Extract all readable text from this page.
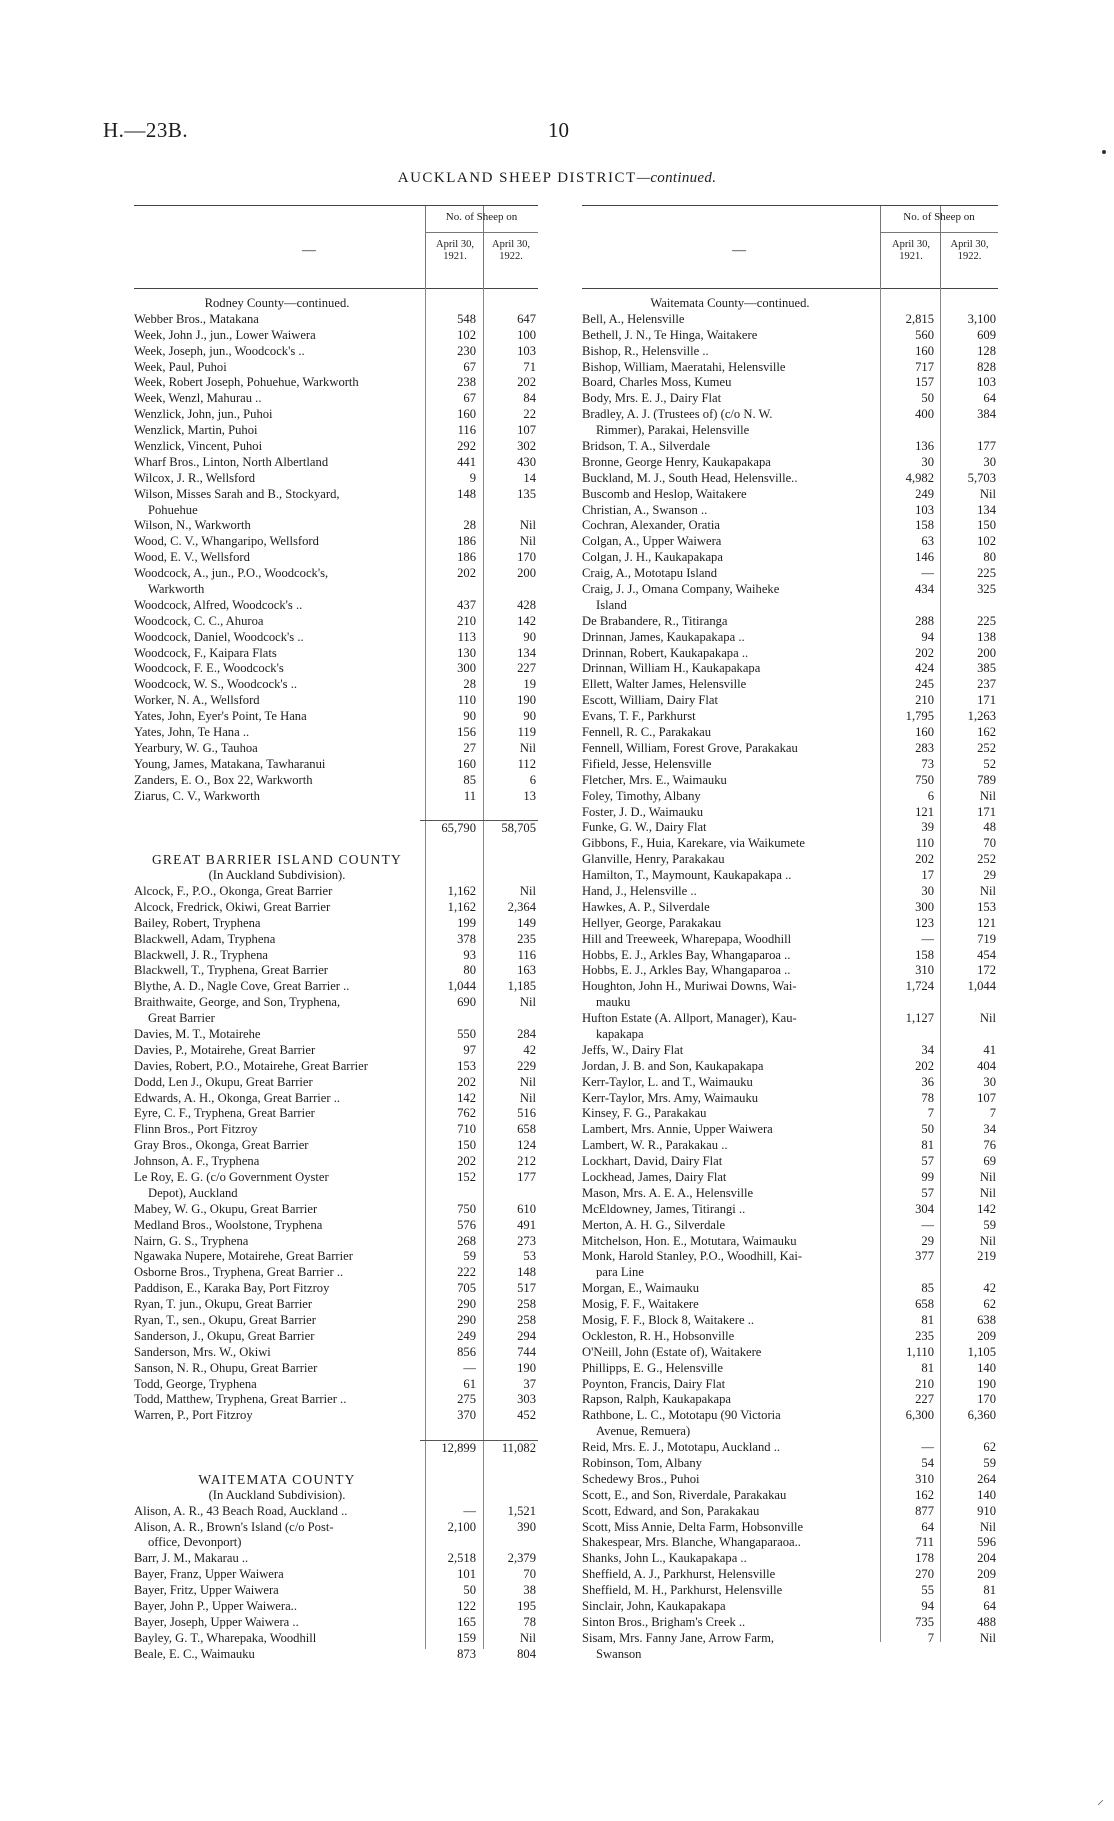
H.—23B.	10
AUCKLAND SHEEP DISTRICT—continued.
—
No. of Sheep on
April 30, 1921.
April 30, 1922.
Rodney County—continued.
Webber Bros., Matakana	548	647
Week, John J., jun., Lower Waiwera	102	100
Week, Joseph, jun., Woodcock's ..	230	103
Week, Paul, Puhoi	67	71
Week, Robert Joseph, Pohuehue, Warkworth	238	202
Week, Wenzl, Mahurau ..	67	84
Wenzlick, John, jun., Puhoi	160	22
Wenzlick, Martin, Puhoi	116	107
Wenzlick, Vincent, Puhoi	292	302
Wharf Bros., Linton, North Albertland	441	430
Wilcox, J. R., Wellsford	9	14
Wilson, Misses Sarah and B., Stockyard,	148	135
Pohuehue
Wilson, N., Warkworth	28	Nil
Wood, C. V., Whangaripo, Wellsford	186	Nil
Wood, E. V., Wellsford	186	170
Woodcock, A., jun., P.O., Woodcock's,	202	200
Warkworth
Woodcock, Alfred, Woodcock's ..	437	428
Woodcock, C. C., Ahuroa	210	142
Woodcock, Daniel, Woodcock's ..	113	90
Woodcock, F., Kaipara Flats	130	134
Woodcock, F. E., Woodcock's	300	227
Woodcock, W. S., Woodcock's ..	28	19
Worker, N. A., Wellsford	110	190
Yates, John, Eyer's Point, Te Hana	90	90
Yates, John, Te Hana ..	156	119
Yearbury, W. G., Tauhoa	27	Nil
Young, James, Matakana, Tawharanui	160	112
Zanders, E. O., Box 22, Warkworth	85	6
Ziarus, C. V., Warkworth	11	13
65,790	58,705
GREAT BARRIER ISLAND COUNTY
(In Auckland Subdivision).
Alcock, F., P.O., Okonga, Great Barrier	1,162	Nil
Alcock, Fredrick, Okiwi, Great Barrier	1,162	2,364
Bailey, Robert, Tryphena	199	149
Blackwell, Adam, Tryphena	378	235
Blackwell, J. R., Tryphena	93	116
Blackwell, T., Tryphena, Great Barrier	80	163
Blythe, A. D., Nagle Cove, Great Barrier ..	1,044	1,185
Braithwaite, George, and Son, Tryphena,	690	Nil
Great Barrier
Davies, M. T., Motairehe	550	284
Davies, P., Motairehe, Great Barrier	97	42
Davies, Robert, P.O., Motairehe, Great Barrier	153	229
Dodd, Len J., Okupu, Great Barrier	202	Nil
Edwards, A. H., Okonga, Great Barrier ..	142	Nil
Eyre, C. F., Tryphena, Great Barrier	762	516
Flinn Bros., Port Fitzroy	710	658
Gray Bros., Okonga, Great Barrier	150	124
Johnson, A. F., Tryphena	202	212
Le Roy, E. G. (c/o Government Oyster	152	177
Depot), Auckland
Mabey, W. G., Okupu, Great Barrier	750	610
Medland Bros., Woolstone, Tryphena	576	491
Nairn, G. S., Tryphena	268	273
Ngawaka Nupere, Motairehe, Great Barrier	59	53
Osborne Bros., Tryphena, Great Barrier ..	222	148
Paddison, E., Karaka Bay, Port Fitzroy	705	517
Ryan, T. jun., Okupu, Great Barrier	290	258
Ryan, T., sen., Okupu, Great Barrier	290	258
Sanderson, J., Okupu, Great Barrier	249	294
Sanderson, Mrs. W., Okiwi	856	744
Sanson, N. R., Ohupu, Great Barrier	—	190
Todd, George, Tryphena	61	37
Todd, Matthew, Tryphena, Great Barrier ..	275	303
Warren, P., Port Fitzroy	370	452
12,899	11,082
WAITEMATA COUNTY
(In Auckland Subdivision).
Alison, A. R., 43 Beach Road, Auckland ..	—	1,521
Alison, A. R., Brown's Island (c/o Post-	2,100	390
office, Devonport)
Barr, J. M., Makarau ..	2,518	2,379
Bayer, Franz, Upper Waiwera	101	70
Bayer, Fritz, Upper Waiwera	50	38
Bayer, John P., Upper Waiwera..	122	195
Bayer, Joseph, Upper Waiwera ..	165	78
Bayley, G. T., Wharepaka, Woodhill	159	Nil
Beale, E. C., Waimauku	873	804
—
No. of Sheep on
April 30, 1921.
April 30, 1922.
Waitemata County—continued.
Bell, A., Helensville	2,815	3,100
Bethell, J. N., Te Hinga, Waitakere	560	609
Bishop, R., Helensville ..	160	128
Bishop, William, Maeratahi, Helensville	717	828
Board, Charles Moss, Kumeu	157	103
Body, Mrs. E. J., Dairy Flat	50	64
Bradley, A. J. (Trustees of) (c/o N. W.	400	384
Rimmer), Parakai, Helensville
Bridson, T. A., Silverdale	136	177
Bronne, George Henry, Kaukapakapa	30	30
Buckland, M. J., South Head, Helensville..	4,982	5,703
Buscomb and Heslop, Waitakere	249	Nil
Christian, A., Swanson ..	103	134
Cochran, Alexander, Oratia	158	150
Colgan, A., Upper Waiwera	63	102
Colgan, J. H., Kaukapakapa	146	80
Craig, A., Mototapu Island	—	225
Craig, J. J., Omana Company, Waiheke	434	325
Island
De Brabandere, R., Titiranga	288	225
Drinnan, James, Kaukapakapa ..	94	138
Drinnan, Robert, Kaukapakapa ..	202	200
Drinnan, William H., Kaukapakapa	424	385
Ellett, Walter James, Helensville	245	237
Escott, William, Dairy Flat	210	171
Evans, T. F., Parkhurst	1,795	1,263
Fennell, R. C., Parakakau	160	162
Fennell, William, Forest Grove, Parakakau	283	252
Fifield, Jesse, Helensville	73	52
Fletcher, Mrs. E., Waimauku	750	789
Foley, Timothy, Albany	6	Nil
Foster, J. D., Waimauku	121	171
Funke, G. W., Dairy Flat	39	48
Gibbons, F., Huia, Karekare, via Waikumete	110	70
Glanville, Henry, Parakakau	202	252
Hamilton, T., Maymount, Kaukapakapa ..	17	29
Hand, J., Helensville ..	30	Nil
Hawkes, A. P., Silverdale	300	153
Hellyer, George, Parakakau	123	121
Hill and Treeweek, Wharepapa, Woodhill	—	719
Hobbs, E. J., Arkles Bay, Whangaparoa ..	158	454
Hobbs, E. J., Arkles Bay, Whangaparoa ..	310	172
Houghton, John H., Muriwai Downs, Wai-	1,724	1,044
mauku
Hufton Estate (A. Allport, Manager), Kau-	1,127	Nil
kapakapa
Jeffs, W., Dairy Flat	34	41
Jordan, J. B. and Son, Kaukapakapa	202	404
Kerr-Taylor, L. and T., Waimauku	36	30
Kerr-Taylor, Mrs. Amy, Waimauku	78	107
Kinsey, F. G., Parakakau	7	7
Lambert, Mrs. Annie, Upper Waiwera	50	34
Lambert, W. R., Parakakau ..	81	76
Lockhart, David, Dairy Flat	57	69
Lockhead, James, Dairy Flat	99	Nil
Mason, Mrs. A. E. A., Helensville	57	Nil
McEldowney, James, Titirangi ..	304	142
Merton, A. H. G., Silverdale	—	59
Mitchelson, Hon. E., Motutara, Waimauku	29	Nil
Monk, Harold Stanley, P.O., Woodhill, Kai-	377	219
para Line
Morgan, E., Waimauku	85	42
Mosig, F. F., Waitakere	658	62
Mosig, F. F., Block 8, Waitakere ..	81	638
Ockleston, R. H., Hobsonville	235	209
O'Neill, John (Estate of), Waitakere	1,110	1,105
Phillipps, E. G., Helensville	81	140
Poynton, Francis, Dairy Flat	210	190
Rapson, Ralph, Kaukapakapa	227	170
Rathbone, L. C., Mototapu (90 Victoria	6,300	6,360
Avenue, Remuera)
Reid, Mrs. E. J., Mototapu, Auckland ..	—	62
Robinson, Tom, Albany	54	59
Schedewy Bros., Puhoi	310	264
Scott, E., and Son, Riverdale, Parakakau	162	140
Scott, Edward, and Son, Parakakau	877	910
Scott, Miss Annie, Delta Farm, Hobsonville	64	Nil
Shakespear, Mrs. Blanche, Whangaparaoa..	711	596
Shanks, John L., Kaukapakapa ..	178	204
Sheffield, A. J., Parkhurst, Helensville	270	209
Sheffield, M. H., Parkhurst, Helensville	55	81
Sinclair, John, Kaukapakapa	94	64
Sinton Bros., Brigham's Creek ..	735	488
Sisam, Mrs. Fanny Jane, Arrow Farm,	7	Nil
Swanson
⸝
